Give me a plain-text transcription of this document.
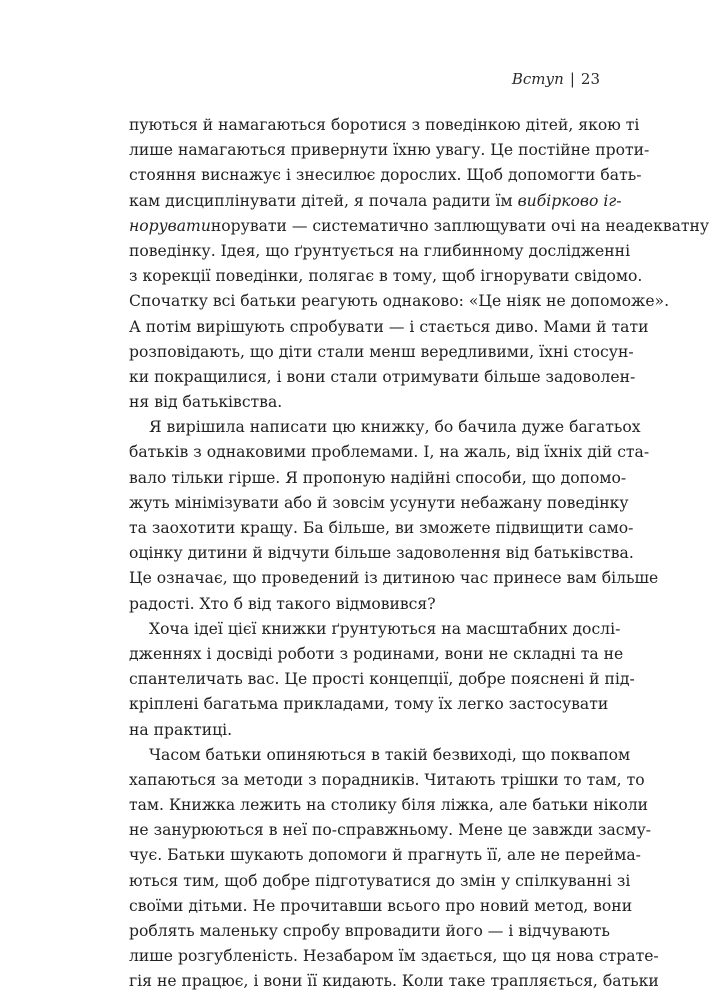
Вступ | 23
пуються й намагаються боротися з поведінкою дітей, якою ті
лише намагаються привернути їхню увагу. Це постійне проти-
стояння виснажує і знесилює дорослих. Щоб допомогти бать-
кам дисциплінувати дітей, я почала радити їм вибірково іг-
норуватинорувати — систематично заплющувати очі на неадекватну
поведінку. Ідея, що ґрунтується на глибинному дослідженні
з корекції поведінки, полягає в тому, щоб ігнорувати свідомо.
Спочатку всі батьки реагують однаково: «Це ніяк не допоможе».
А потім вирішують спробувати — і стається диво. Мами й тати
розповідають, що діти стали менш вередливими, їхні стосун-
ки покращилися, і вони стали отримувати більше задоволен-
ня від батьківства.
Я вирішила написати цю книжку, бо бачила дуже багатьох
батьків з однаковими проблемами. І, на жаль, від їхніх дій ста-
вало тільки гірше. Я пропоную надійні способи, що допомо-
жуть мінімізувати або й зовсім усунути небажану поведінку
та заохотити кращу. Ба більше, ви зможете підвищити само-
оцінку дитини й відчути більше задоволення від батьківства.
Це означає, що проведений із дитиною час принесе вам більше
радості. Хто б від такого відмовився?
Хоча ідеї цієї книжки ґрунтуються на масштабних дослі-
дженнях і досвіді роботи з родинами, вони не складні та не
спантеличать вас. Це прості концепції, добре пояснені й під-
кріплені багатьма прикладами, тому їх легко застосувати
на практиці.
Часом батьки опиняються в такій безвиході, що поквапом
хапаються за методи з порадників. Читають трішки то там, то
там. Книжка лежить на столику біля ліжка, але батьки ніколи
не занурюються в неї по-справжньому. Мене це завжди засму-
чує. Батьки шукають допомоги й прагнуть її, але не перейма-
ються тим, щоб добре підготуватися до змін у спілкуванні зі
своїми дітьми. Не прочитавши всього про новий метод, вони
роблять маленьку спробу впровадити його — і відчувають
лише розгубленість. Незабаром їм здається, що ця нова страте-
гія не працює, і вони її кидають. Коли таке трапляється, батьки
